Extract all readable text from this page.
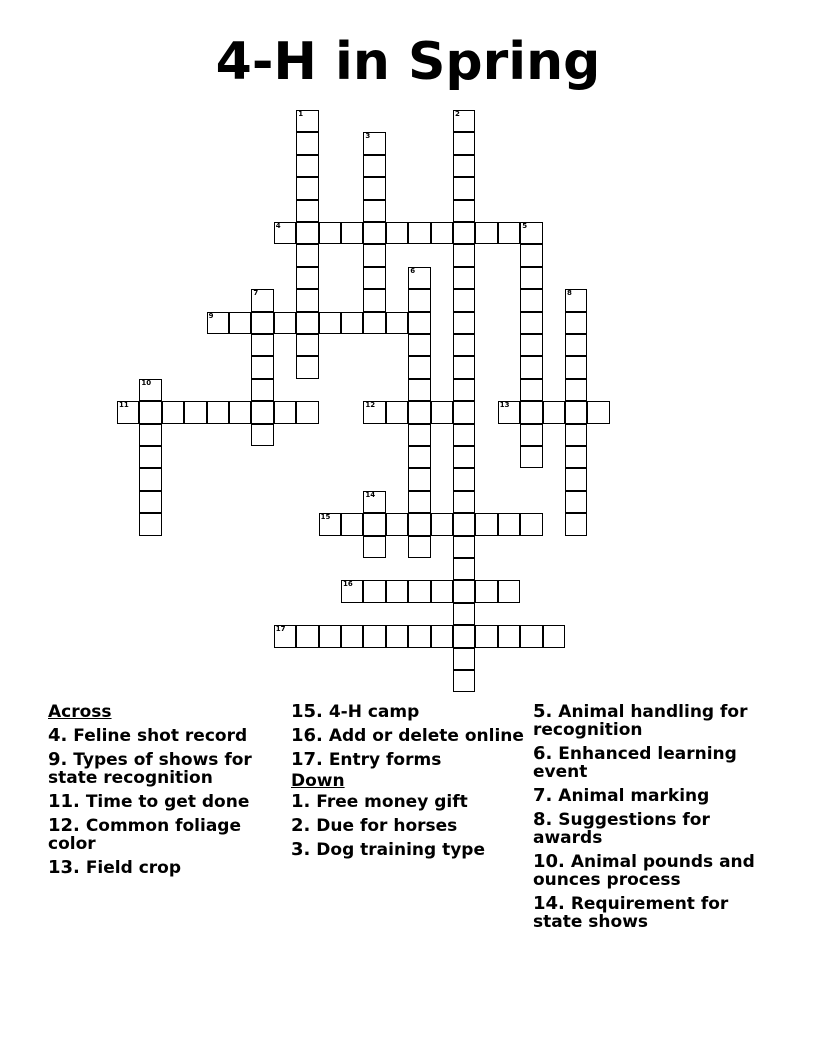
4-H in Spring
1	2
3
4	5
6
7	8
9
10
11	12	13
14
15
16
17
Across
4. Feline shot record
9. Types of shows for state recognition
11. Time to get done
12. Common foliage color
13. Field crop
15. 4-H camp
16. Add or delete online
17. Entry forms
Down
1. Free money gift
2. Due for horses
3. Dog training type
5. Animal handling for recognition
6. Enhanced learning event
7. Animal marking
8. Suggestions for awards
10. Animal pounds and ounces process
14. Requirement for state shows
